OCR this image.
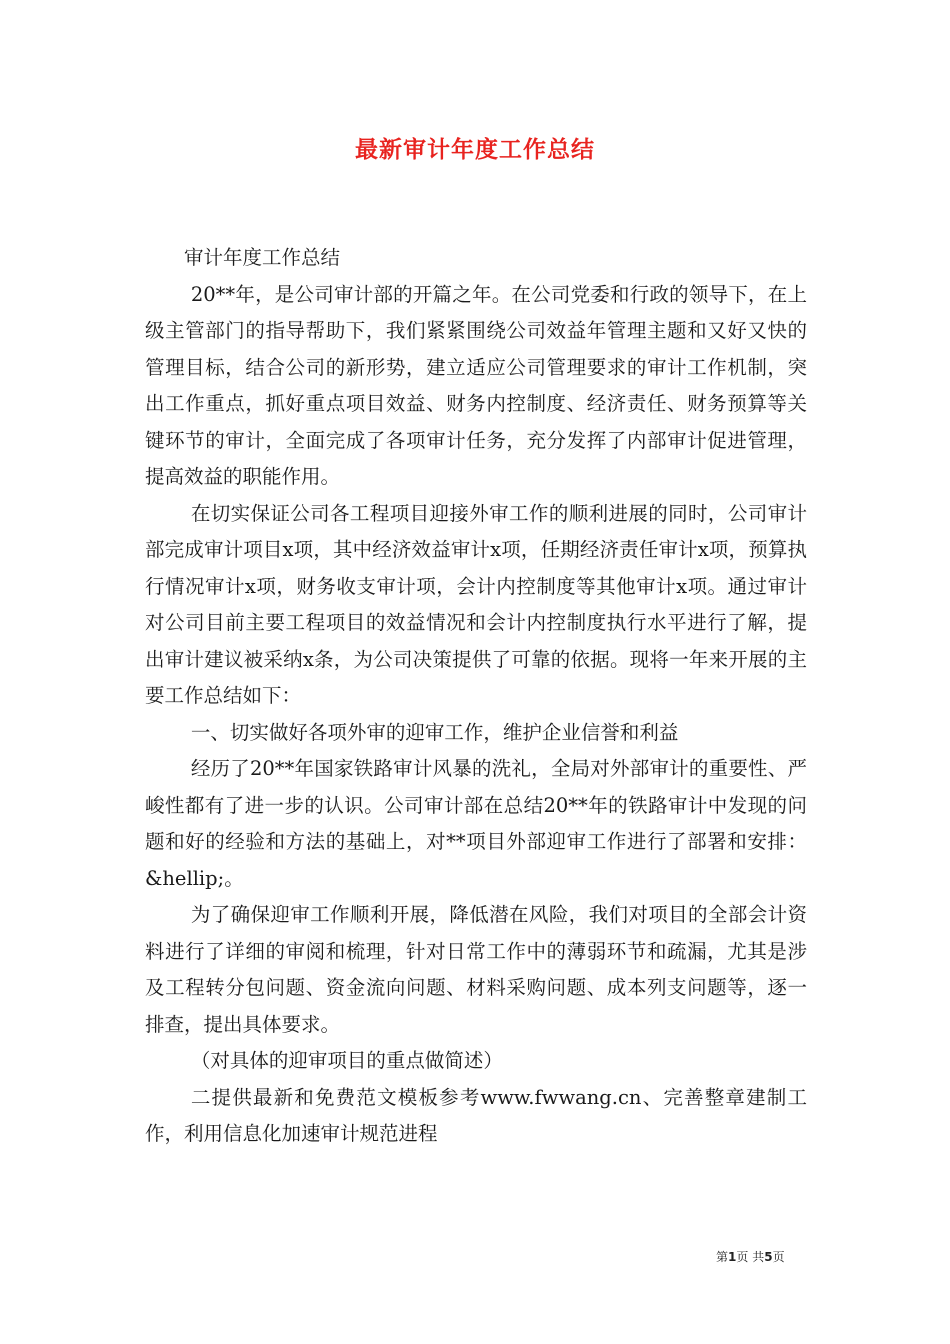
最新审计年度工作总结

审计年度工作总结

20**年，是公司审计部的开篇之年。在公司党委和行政的领导下，在上级主管部门的指导帮助下，我们紧紧围绕公司效益年管理主题和又好又快的管理目标，结合公司的新形势，建立适应公司管理要求的审计工作机制，突出工作重点，抓好重点项目效益、财务内控制度、经济责任、财务预算等关键环节的审计，全面完成了各项审计任务，充分发挥了内部审计促进管理，提高效益的职能作用。

在切实保证公司各工程项目迎接外审工作的顺利进展的同时，公司审计部完成审计项目x项，其中经济效益审计x项，任期经济责任审计x项，预算执行情况审计x项，财务收支审计项，会计内控制度等其他审计x项。通过审计对公司目前主要工程项目的效益情况和会计内控制度执行水平进行了解，提出审计建议被采纳x条，为公司决策提供了可靠的依据。现将一年来开展的主要工作总结如下：

一、切实做好各项外审的迎审工作，维护企业信誉和利益

经历了20**年国家铁路审计风暴的洗礼，全局对外部审计的重要性、严峻性都有了进一步的认识。公司审计部在总结20**年的铁路审计中发现的问题和好的经验和方法的基础上，对**项目外部迎审工作进行了部署和安排：&hellip;。

为了确保迎审工作顺利开展，降低潜在风险，我们对项目的全部会计资料进行了详细的审阅和梳理，针对日常工作中的薄弱环节和疏漏，尤其是涉及工程转分包问题、资金流向问题、材料采购问题、成本列支问题等，逐一排查，提出具体要求。

（对具体的迎审项目的重点做简述）

二提供最新和免费范文模板参考www.fwwang.cn、完善整章建制工作，利用信息化加速审计规范进程

第1页 共5页
